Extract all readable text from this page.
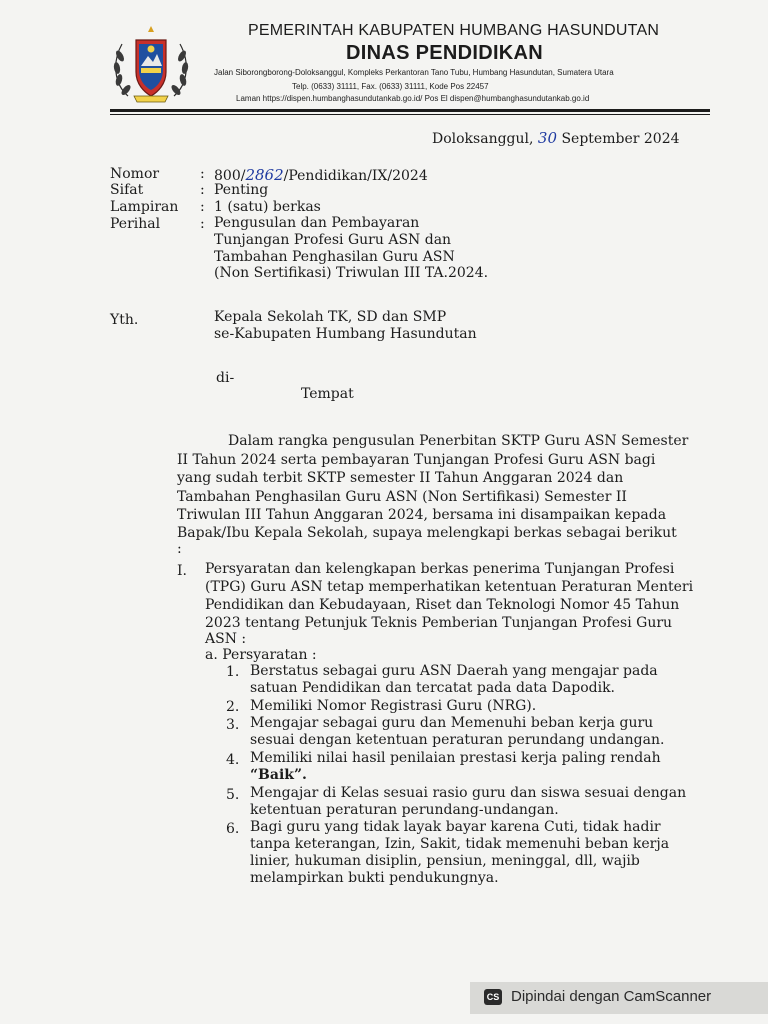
PEMERINTAH KABUPATEN HUMBANG HASUNDUTAN
DINAS PENDIDIKAN
Jalan Siborongborong-Doloksanggul, Kompleks Perkantoran Tano Tubu, Humbang Hasundutan, Sumatera Utara
Telp. (0633) 31111, Fax. (0633) 31111, Kode Pos 22457
Laman https://dispen.humbanghasundutankab.go.id/ Pos El dispen@humbanghasundutankab.go.id
Doloksanggul, 30 September 2024
Nomor	: 800/2862/Pendidikan/IX/2024
Sifat	: Penting
Lampiran : 1 (satu) berkas
Perihal	: Pengusulan dan Pembayaran
Tunjangan Profesi Guru ASN dan
Tambahan Penghasilan Guru ASN
(Non Sertifikasi) Triwulan III TA.2024.
Yth.	Kepala Sekolah TK, SD dan SMP
se-Kabupaten Humbang Hasundutan
di-
Tempat
Dalam rangka pengusulan Penerbitan SKTP Guru ASN Semester
II Tahun 2024 serta pembayaran Tunjangan Profesi Guru ASN bagi
yang sudah terbit SKTP semester II Tahun Anggaran 2024 dan
Tambahan Penghasilan Guru ASN (Non Sertifikasi) Semester II
Triwulan III Tahun Anggaran 2024, bersama ini disampaikan kepada
Bapak/Ibu Kepala Sekolah, supaya melengkapi berkas sebagai berikut
:
I. Persyaratan dan kelengkapan berkas penerima Tunjangan Profesi
(TPG) Guru ASN tetap memperhatikan ketentuan Peraturan Menteri
Pendidikan dan Kebudayaan, Riset dan Teknologi Nomor 45 Tahun
2023 tentang Petunjuk Teknis Pemberian Tunjangan Profesi Guru
ASN :
a. Persyaratan :
1. Berstatus sebagai guru ASN Daerah yang mengajar pada
satuan Pendidikan dan tercatat pada data Dapodik.
2. Memiliki Nomor Registrasi Guru (NRG).
3. Mengajar sebagai guru dan Memenuhi beban kerja guru
sesuai dengan ketentuan peraturan perundang undangan.
4. Memiliki nilai hasil penilaian prestasi kerja paling rendah
“Baik”.
5. Mengajar di Kelas sesuai rasio guru dan siswa sesuai dengan
ketentuan peraturan perundang-undangan.
6. Bagi guru yang tidak layak bayar karena Cuti, tidak hadir
tanpa keterangan, Izin, Sakit, tidak memenuhi beban kerja
linier, hukuman disiplin, pensiun, meninggal, dll, wajib
melampirkan bukti pendukungnya.
CS Dipindai dengan CamScanner
